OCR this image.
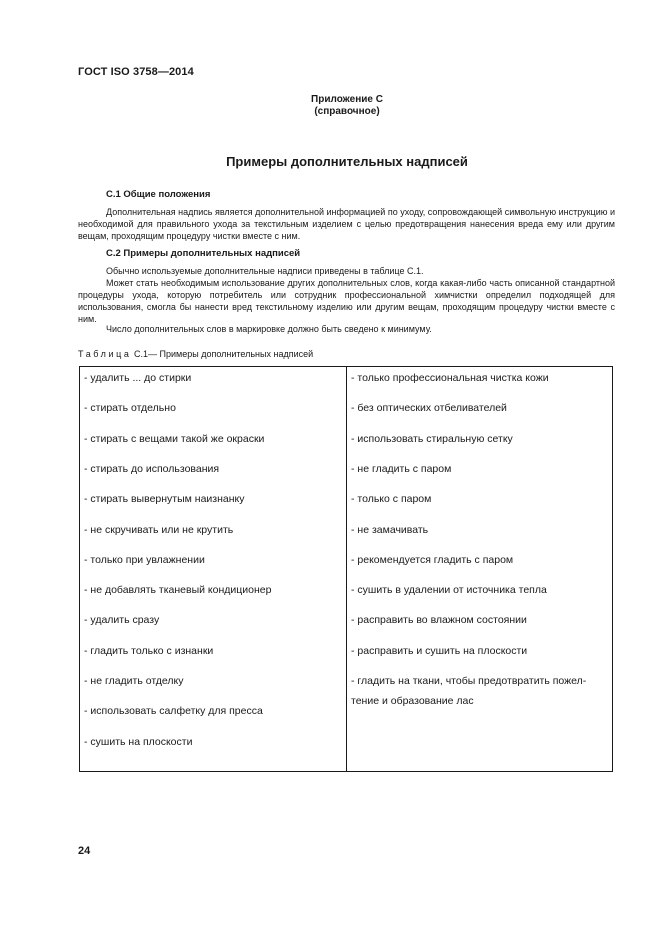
ГОСТ ISO 3758—2014
Приложение С
(справочное)
Примеры дополнительных надписей
С.1 Общие положения

Дополнительная надпись является дополнительной информацией по уходу, сопровождающей символьную инструкцию и необходимой для правильного ухода за текстильным изделием с целью предотвращения нанесения вреда ему или другим вещам, проходящим процедуру чистки вместе с ним.

С.2 Примеры дополнительных надписей

Обычно используемые дополнительные надписи приведены в таблице С.1.

Может стать необходимым использование других дополнительных слов, когда какая-либо часть описанной стандартной процедуры ухода, которую потребитель или сотрудник профессиональной химчистки определил подходящей для использования, смогла бы нанести вред текстильному изделию или другим вещам, проходящим процедуру чистки вместе с ним.

Число дополнительных слов в маркировке должно быть сведено к минимуму.

Таблица С.1— Примеры дополнительных надписей
- удалить ... до стирки
- стирать отдельно
- стирать с вещами такой же окраски
- стирать до использования
- стирать вывернутым наизнанку
- не скручивать или не крутить
- только при увлажнении
- не добавлять тканевый кондиционер
- удалить сразу
- гладить только с изнанки
- не гладить отделку
- использовать салфетку для пресса
- сушить на плоскости
- только профессиональная чистка кожи
- без оптических отбеливателей
- использовать стиральную сетку
- не гладить с паром
- только с паром
- не замачивать
- рекомендуется гладить с паром
- сушить в удалении от источника тепла
- расправить во влажном состоянии
- расправить и сушить на плоскости
- гладить на ткани, чтобы предотвратить пожел-тение и образование лас
24
